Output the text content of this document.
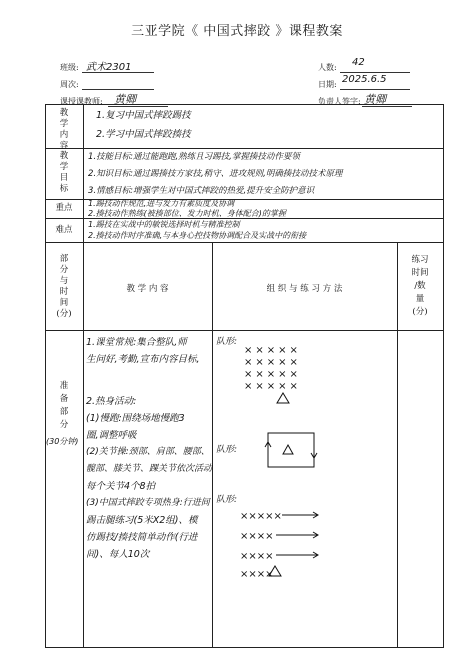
三亚学院《 中国式摔跤 》课程教案
班级: 武术2301
周次:
课授课教师: 黄卿
人数: 42
日期: 2025.6.5
负责人签字: 黄卿
教
学
内
容
1.复习中国式摔跤踢技
2.学习中国式摔跤揍技
教
学
目
标
1.技能目标:通过能跑跑,熟练且习踢技,掌握揍技动作要领
2.知识目标:通过踢揍技方家技,稍守、进攻规则,明确揍技动技术原理
3.情感目标:增强学生对中国式摔跤的热爱,提升安全防护意识
重点	1.踢技动作规范,进与发力有素质度及协调
2.揍技动作熟练(被揍部位、发力时机、身体配合)的掌握
难点
1.踢技在实战中的敏锐选择时机与精准控制
2.揍技动作时序准确,与本身心控技物协调配合及实战中的衔接
部
分
与
时
间
(分)
教 学 内 容	组 织 与 练 习 方 法
练习
时间
/数
量
(分)
准
备
部
分
(30分钟)
1.课堂常规:集合整队,师
生问好,考勤,宣布内容目标,
2.热身活动:
(1)慢跑:围绕场地慢跑3
圈,调整呼吸
(2)关节操:颈部、肩部、腰部、
髋部、膝关节、踝关节依次活动
每个关节4个8拍
(3)中国式摔跤专项热身:行进间
踢击腿练习(5米X2组)、模
仿踢技/揍技简单动作(行进
间)、每人10次
队形:
×××××
×××××
×××××
×××××
队形:
队形:
×××××
××××
××××
××××
